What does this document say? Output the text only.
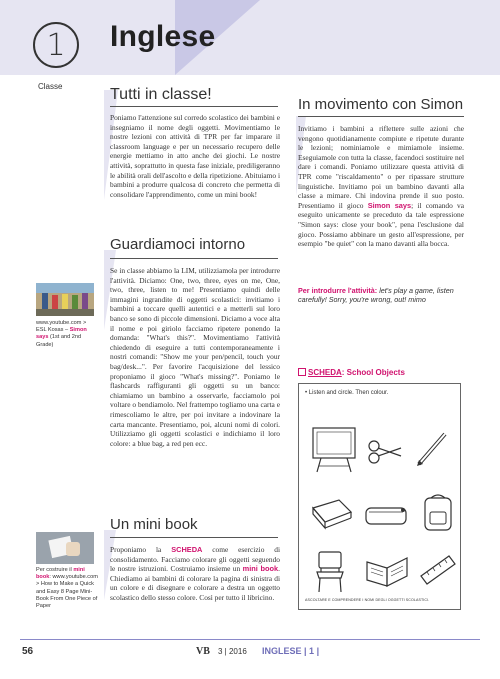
1
Classe
Inglese
Tutti in classe!
Poniamo l'attenzione sul corredo scolastico dei bambini e insegniamo il nome degli oggetti. Movimentiamo le nostre lezioni con attività di TPR per far imparare il classroom language e per un necessario recupero delle energie mettiamo in atto anche dei giochi. Le nostre attività, soprattutto in questa fase iniziale, prediligeranno le abilità orali dell'ascolto e della ripetizione. Abituiamo i bambini a produrre qualcosa di concreto che permetta di consolidare l'apprendimento, come un mini book!
Guardiamoci intorno
Se in classe abbiamo la LIM, utilizziamola per introdurre l'attività. Diciamo: One, two, three, eyes on me, One, two, three, listen to me! Presentiamo quindi delle immagini ingrandite di oggetti scolastici: invitiamo i bambini a toccare quelli autentici e a metterli sul loro banco se sono di piccole dimensioni. Diciamo a voce alta il nome e poi giriolo facciamo ripetere ponendo la domanda: "What's this?". Movimentiamo l'attività chiedendo di eseguire a tutti contemporaneamente i nostri comandi: "Show me your pen/pencil, touch your bag/desk...". Per favorire l'acquisizione del lessico proponiamo il gioco "What's missing?". Poniamo le flashcards raffiguranti gli oggetti su un banco: chiamiamo un bambino a osservarle, facciamolo poi voltare o bendiamolo. Nel frattempo togliamo una carta e rimescoliamo le altre, per poi invitare a indovinare la carta mancante. Presentiamo, poi, alcuni nomi di colori. Utilizziamo gli oggetti scolastici e indichiamo il loro colore: a blue bag, a red pen ecc.
Un mini book
Proponiamo la SCHEDA come esercizio di consolidamento. Facciamo colorare gli oggetti seguendo le nostre istruzioni. Costruiamo insieme un mini book. Chiediamo ai bambini di colorare la pagina di sinistra di un colore e di disegnare e colorare a destra un oggetto scolastico dello stesso colore. Così per tutto il libricino.
In movimento con Simon
Invitiamo i bambini a riflettere sulle azioni che vengono quotidianamente compiute e ripetute durante le lezioni; nominiamole e mimiamole insieme. Eseguiamole con tutta la classe, facendoci sostituire nel dare i comandi. Poniamo utilizzare questa attività di TPR come "riscaldamento" o per ripassare strutture linguistiche. Invitiamo poi un bambino davanti alla classe a mimare. Chi indovina prende il suo posto. Presentiamo il gioco Simon says; il comando va eseguito unicamente se preceduto da tale espressione "Simon says: close your book", pena l'esclusione dal gioco. Possiamo abbinare un gesto all'espressione, per esempio "be quiet" con la mano davanti alla bocca.
Per introdurre l'attività: let's play a game, listen carefully! Sorry, you're wrong, out! mimo
www.youtube.com > ESL Kosas – Simon says (1st and 2nd Grade)
Per costruire il mini book: www.youtube.com > How to Make a Quick and Easy 8 Page Mini-Book From One Piece of Paper
SCHEDA: School Objects
• Listen and circle. Then colour.
ASCOLTARE E COMPRENDERE I NOMI DEGLI OGGETTI SCOLASTICI.
56	VB 3 | 2016 INGLESE | 1 |
